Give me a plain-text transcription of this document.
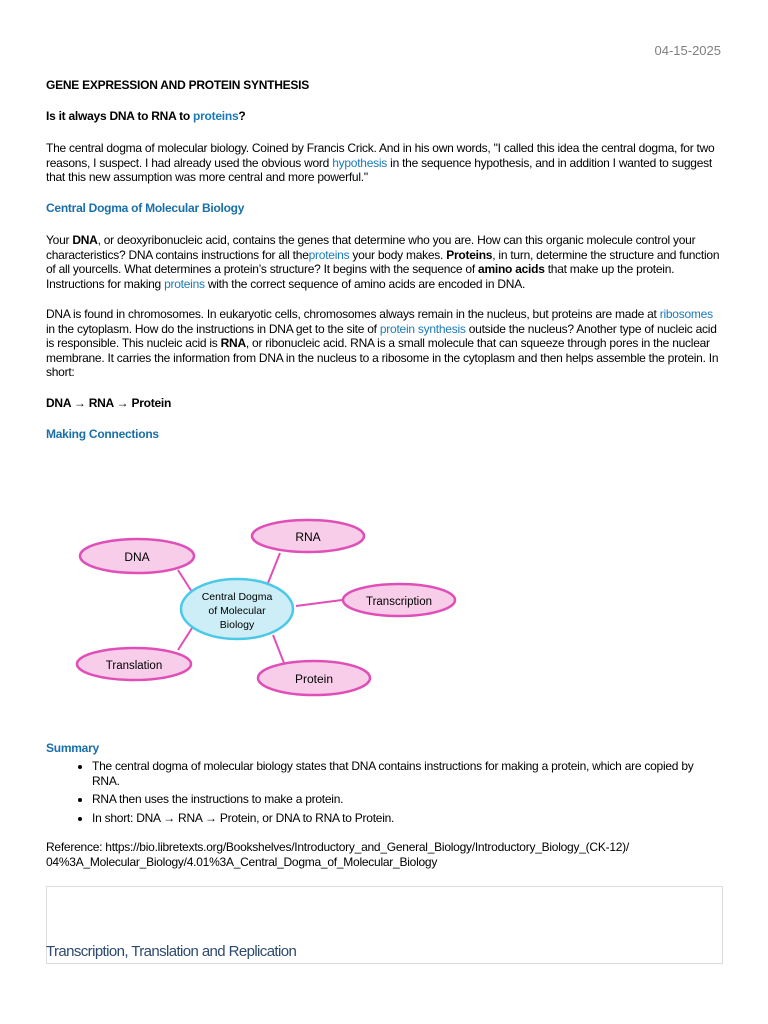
04-15-2025
GENE EXPRESSION AND PROTEIN SYNTHESIS
Is it always DNA to RNA to proteins?
The central dogma of molecular biology. Coined by Francis Crick. And in his own words, "I called this idea the central dogma, for two reasons, I suspect. I had already used the obvious word hypothesis in the sequence hypothesis, and in addition I wanted to suggest that this new assumption was more central and more powerful."
Central Dogma of Molecular Biology
Your DNA, or deoxyribonucleic acid, contains the genes that determine who you are. How can this organic molecule control your characteristics? DNA contains instructions for all theproteins your body makes. Proteins, in turn, determine the structure and function of all yourcells. What determines a protein’s structure? It begins with the sequence of amino acids that make up the protein. Instructions for making proteins with the correct sequence of amino acids are encoded in DNA.
DNA is found in chromosomes. In eukaryotic cells, chromosomes always remain in the nucleus, but proteins are made at ribosomes in the cytoplasm. How do the instructions in DNA get to the site of protein synthesis outside the nucleus? Another type of nucleic acid is responsible. This nucleic acid is RNA, or ribonucleic acid. RNA is a small molecule that can squeeze through pores in the nuclear membrane. It carries the information from DNA in the nucleus to a ribosome in the cytoplasm and then helps assemble the protein. In short:
DNA → RNA → Protein
Making Connections
DNA
RNA
Transcription
Translation
Protein
Central Dogma
of Molecular
Biology
Summary
• The central dogma of molecular biology states that DNA contains instructions for making a protein, which are copied by RNA.
• RNA then uses the instructions to make a protein.
• In short: DNA → RNA → Protein, or DNA to RNA to Protein.
Reference: https://bio.libretexts.org/Bookshelves/Introductory_and_General_Biology/Introductory_Biology_(CK-12)/ 04%3A_Molecular_Biology/4.01%3A_Central_Dogma_of_Molecular_Biology
Transcription, Translation and Replication
